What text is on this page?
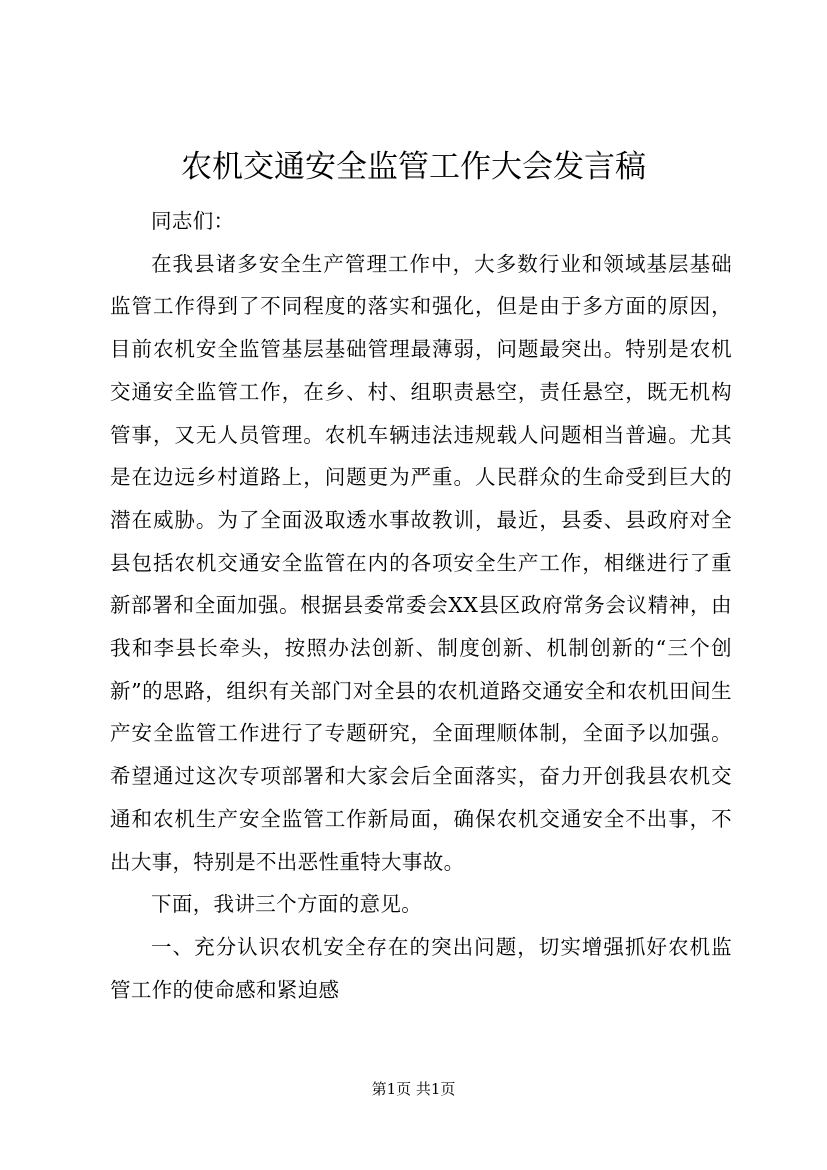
农机交通安全监管工作大会发言稿

同志们：

在我县诸多安全生产管理工作中，大多数行业和领域基层基础监管工作得到了不同程度的落实和强化，但是由于多方面的原因，目前农机安全监管基层基础管理最薄弱，问题最突出。特别是农机交通安全监管工作，在乡、村、组职责悬空，责任悬空，既无机构管事，又无人员管理。农机车辆违法违规载人问题相当普遍。尤其是在边远乡村道路上，问题更为严重。人民群众的生命受到巨大的潜在威胁。为了全面汲取透水事故教训，最近，县委、县政府对全县包括农机交通安全监管在内的各项安全生产工作，相继进行了重新部署和全面加强。根据县委常委会XX县区政府常务会议精神，由我和李县长牵头，按照办法创新、制度创新、机制创新的“三个创新”的思路，组织有关部门对全县的农机道路交通安全和农机田间生产安全监管工作进行了专题研究，全面理顺体制，全面予以加强。希望通过这次专项部署和大家会后全面落实，奋力开创我县农机交通和农机生产安全监管工作新局面，确保农机交通安全不出事，不出大事，特别是不出恶性重特大事故。

下面，我讲三个方面的意见。

一、充分认识农机安全存在的突出问题，切实增强抓好农机监管工作的使命感和紧迫感

第1页 共1页
